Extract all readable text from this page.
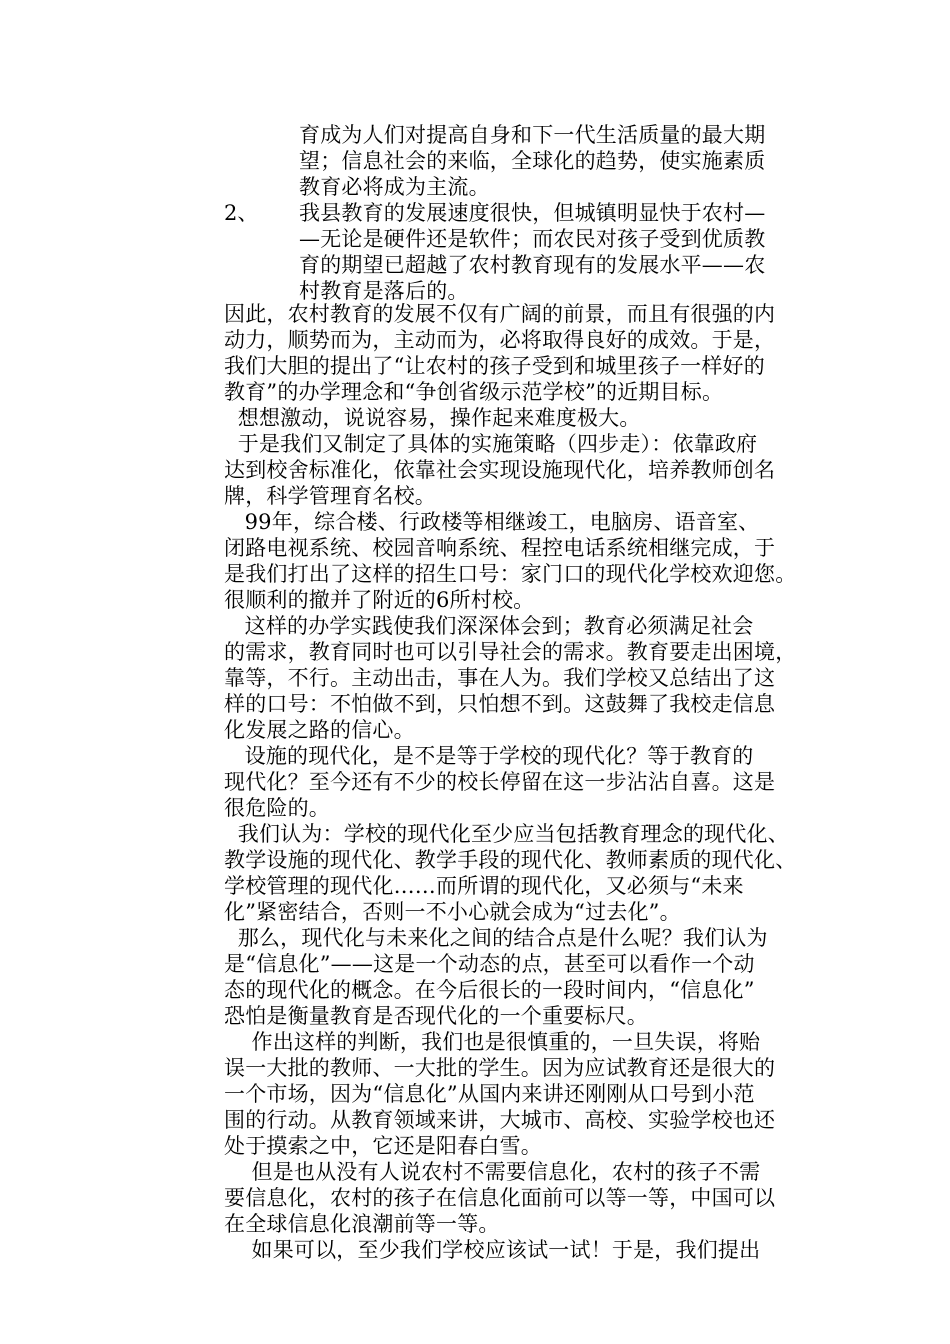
育成为人们对提高自身和下一代生活质量的最大期
望；信息社会的来临，全球化的趋势，使实施素质
教育必将成为主流。
2、 我县教育的发展速度很快，但城镇明显快于农村—
—无论是硬件还是软件；而农民对孩子受到优质教
育的期望已超越了农村教育现有的发展水平——农
村教育是落后的。
因此，农村教育的发展不仅有广阔的前景，而且有很强的内
动力，顺势而为，主动而为，必将取得良好的成效。于是，
我们大胆的提出了“让农村的孩子受到和城里孩子一样好的
教育”的办学理念和“争创省级示范学校”的近期目标。
想想激动，说说容易，操作起来难度极大。
于是我们又制定了具体的实施策略（四步走）：依靠政府
达到校舍标准化，依靠社会实现设施现代化，培养教师创名
牌，科学管理育名校。
99年，综合楼、行政楼等相继竣工，电脑房、语音室、
闭路电视系统、校园音响系统、程控电话系统相继完成，于
是我们打出了这样的招生口号：家门口的现代化学校欢迎您。
很顺利的撤并了附近的6所村校。
这样的办学实践使我们深深体会到；教育必须满足社会
的需求，教育同时也可以引导社会的需求。教育要走出困境，
靠等，不行。主动出击，事在人为。我们学校又总结出了这
样的口号：不怕做不到，只怕想不到。这鼓舞了我校走信息
化发展之路的信心。
设施的现代化，是不是等于学校的现代化？等于教育的
现代化？至今还有不少的校长停留在这一步沾沾自喜。这是
很危险的。
我们认为：学校的现代化至少应当包括教育理念的现代化、
教学设施的现代化、教学手段的现代化、教师素质的现代化、
学校管理的现代化……而所谓的现代化，又必须与“未来
化”紧密结合，否则一不小心就会成为“过去化”。
那么，现代化与未来化之间的结合点是什么呢？我们认为
是“信息化”——这是一个动态的点，甚至可以看作一个动
态的现代化的概念。在今后很长的一段时间内，“信息化”
恐怕是衡量教育是否现代化的一个重要标尺。
作出这样的判断，我们也是很慎重的，一旦失误，将贻
误一大批的教师、一大批的学生。因为应试教育还是很大的
一个市场，因为“信息化”从国内来讲还刚刚从口号到小范
围的行动。从教育领域来讲，大城市、高校、实验学校也还
处于摸索之中，它还是阳春白雪。
但是也从没有人说农村不需要信息化，农村的孩子不需
要信息化，农村的孩子在信息化面前可以等一等，中国可以
在全球信息化浪潮前等一等。
如果可以，至少我们学校应该试一试！于是，我们提出
